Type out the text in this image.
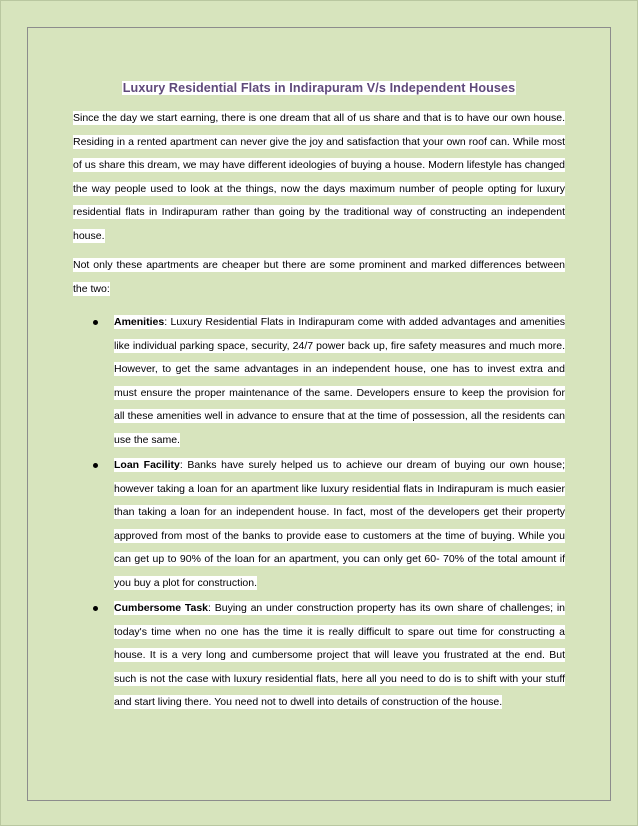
Luxury Residential Flats in Indirapuram V/s Independent Houses

Since the day we start earning, there is one dream that all of us share and that is to have our own house. Residing in a rented apartment can never give the joy and satisfaction that your own roof can. While most of us share this dream, we may have different ideologies of buying a house. Modern lifestyle has changed the way people used to look at the things, now the days maximum number of people opting for luxury residential flats in Indirapuram rather than going by the traditional way of constructing an independent house.

Not only these apartments are cheaper but there are some prominent and marked differences between the two:

Amenities: Luxury Residential Flats in Indirapuram come with added advantages and amenities like individual parking space, security, 24/7 power back up, fire safety measures and much more. However, to get the same advantages in an independent house, one has to invest extra and must ensure the proper maintenance of the same. Developers ensure to keep the provision for all these amenities well in advance to ensure that at the time of possession, all the residents can use the same.
Loan Facility: Banks have surely helped us to achieve our dream of buying our own house; however taking a loan for an apartment like luxury residential flats in Indirapuram is much easier than taking a loan for an independent house. In fact, most of the developers get their property approved from most of the banks to provide ease to customers at the time of buying. While you can get up to 90% of the loan for an apartment, you can only get 60- 70% of the total amount if you buy a plot for construction.
Cumbersome Task: Buying an under construction property has its own share of challenges; in today's time when no one has the time it is really difficult to spare out time for constructing a house. It is a very long and cumbersome project that will leave you frustrated at the end. But such is not the case with luxury residential flats, here all you need to do is to shift with your stuff and start living there. You need not to dwell into details of construction of the house.
